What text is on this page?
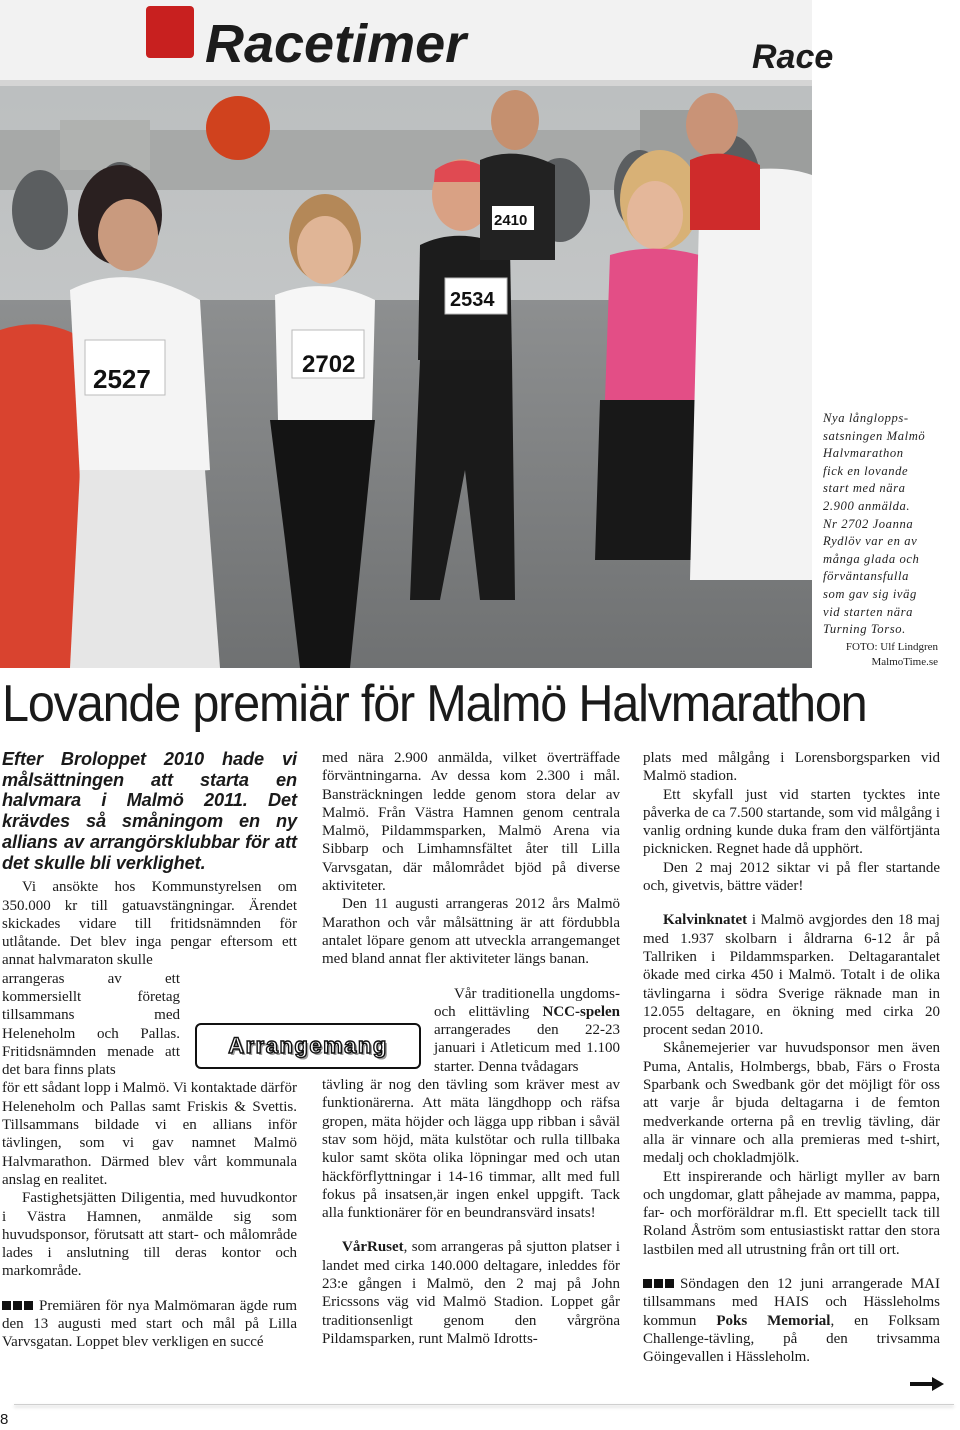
Racetimer	Race
2527	2702
2534
2410

Nya långlopps-

satsningen Malmö

Halvmarathon

fick en lovande

start med nära

2.900 anmälda.

Nr 2702 Joanna

Rydlöv var en av

många glada och

förväntansfulla

som gav sig iväg

vid starten nära

Turning Torso.

FOTO: Ulf Lindgren
MalmoTime.se
Lovande premiär för Malmö Halvmarathon

Efter Broloppet 2010 hade vi målsättningen att starta en halvmara i Malmö 2011. Det krävdes så småningom en ny allians av arrangörsklubbar för att det skulle bli verklighet.

Vi ansökte hos Kommunstyrelsen om 350.000 kr till gatuavstängningar. Ärendet skickades vidare till fritidsnämnden för utlåtande. Det blev inga pengar eftersom ett annat halvmaraton skulle

arrangeras av ett kommersiellt företag tillsammans med Heleneholm och Pallas. Fritidsnämnden menade att det bara finns plats

för ett sådant lopp i Malmö. Vi kontaktade därför Heleneholm och Pallas samt Friskis & Svettis. Tillsammans bildade vi en allians inför tävlingen, som vi gav namnet Malmö Halvmarathon. Därmed blev vårt kommunala anslag en realitet.

Fastighetsjätten Diligentia, med huvudkontor i Västra Hamnen, anmälde sig som huvudsponsor, förutsatt att start- och målområde lades i anslutning till deras kontor och markområde.

Premiären för nya Malmömaran ägde rum den 13 augusti med start och mål på Lilla Varvsgatan. Loppet blev verkligen en succé

Arrangemang

med nära 2.900 anmälda, vilket överträffade förväntningarna. Av dessa kom 2.300 i mål. Bansträckningen ledde genom stora delar av Malmö. Från Västra Hamnen genom centrala Malmö, Pildammsparken, Malmö Arena via Sibbarp och Limhamnsfältet åter till Lilla Varvsgatan, där målområdet bjöd på diverse aktiviteter.

Den 11 augusti arrangeras 2012 års Malmö Marathon och vår målsättning är att fördubbla antalet löpare genom att utveckla arrangemanget med bland annat fler aktiviteter längs banan.

Vår traditionella ungdoms- och elittävling NCC-spelen arrangerades den 22-23 januari i Atleticum med 1.100 starter. Denna tvådagars

tävling är nog den tävling som kräver mest av funktionärerna. Att mäta längdhopp och räfsa gropen, mäta höjder och lägga upp ribban i såväl stav som höjd, mäta kulstötar och rulla tillbaka kulor samt sköta olika löpningar med och utan häckförflyttningar i 14-16 timmar, allt med full fokus på insatsen,är ingen enkel uppgift. Tack alla funktionärer för en beundransvärd insats!

VårRuset, som arrangeras på sjutton platser i landet med cirka 140.000 deltagare, inleddes för 23:e gången i Malmö, den 2 maj på John Ericssons väg vid Malmö Stadion. Loppet går traditionsenligt genom den vårgröna Pildamsparken, runt Malmö Idrotts-

plats med målgång i Lorensborgsparken vid Malmö stadion.

Ett skyfall just vid starten tycktes inte påverka de ca 7.500 startande, som vid målgång i vanlig ordning kunde duka fram den välförtjänta picknicken. Regnet hade då upphört.

Den 2 maj 2012 siktar vi på fler startande och, givetvis, bättre väder!

Kalvinknatet i Malmö avgjordes den 18 maj med 1.937 skolbarn i åldrarna 6-12 år på Tallriken i Pildammsparken. Deltagarantalet ökade med cirka 450 i Malmö. Totalt i de olika tävlingarna i södra Sverige räknade man in 12.055 deltagare, en ökning med cirka 20 procent sedan 2010.

Skånemejerier var huvudsponsor men även Puma, Antalis, Holmbergs, bbab, Färs o Frosta Sparbank och Swedbank gör det möjligt för oss att varje år bjuda deltagarna i de femton medverkande orterna på en trevlig tävling, där alla är vinnare och alla premieras med t-shirt, medalj och chokladmjölk.

Ett inspirerande och härligt myller av barn och ungdomar, glatt påhejade av mamma, pappa, far- och morföräldrar m.fl. Ett speciellt tack till Roland Åström som entusiastiskt rattar den stora lastbilen med all utrustning från ort till ort.

Söndagen den 12 juni arrangerade MAI tillsammans med HAIS och Hässleholms kommun Poks Memorial, en Folksam Challenge-tävling, på den trivsamma Göingevallen i Hässleholm.

8
